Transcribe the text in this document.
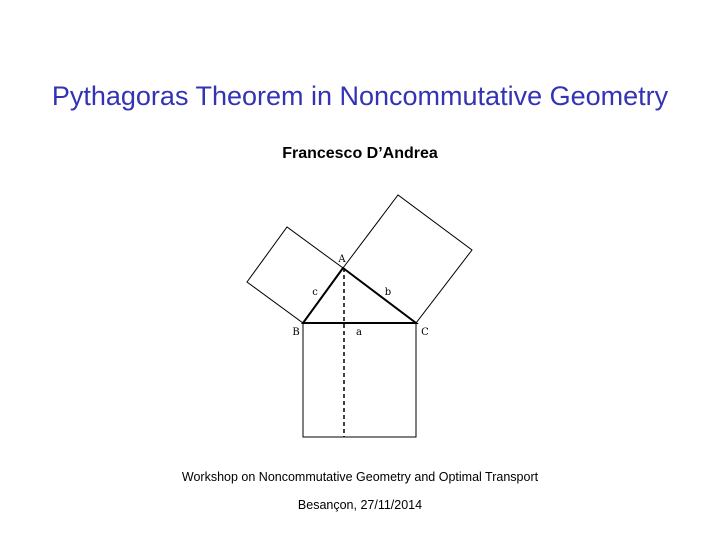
Pythagoras Theorem in Noncommutative Geometry
Francesco D’Andrea
A
B	C
c	b
a
Workshop on Noncommutative Geometry and Optimal Transport
Besançon, 27/11/2014
